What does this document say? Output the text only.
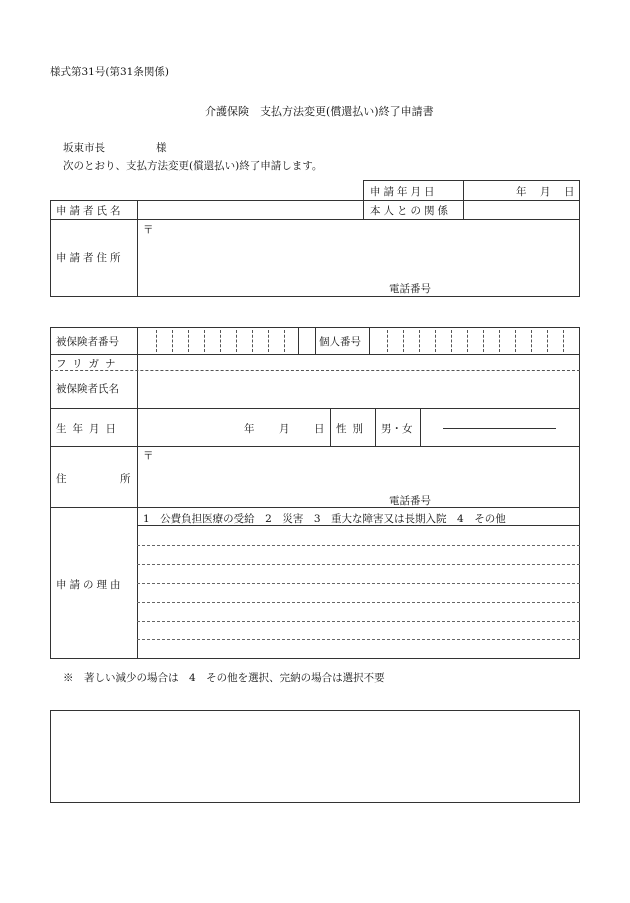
様式第31号(第31条関係)
介護保険　支払方法変更(償還払い)終了申請書
坂東市長	様
次のとおり、支払方法変更(償還払い)終了申請します。
申請年月日	年 月 日
申請者氏名	本人との関係
申請者住所
〒
電話番号
被保険者番号	個人番号
フリガナ
被保険者氏名
生年月日	年 月 日 性別 男・女
住	所
〒
電話番号
申請の理由
1　公費負担医療の受給　2　災害　3　重大な障害又は長期入院　4　その他
※　著しい減少の場合は　4　その他を選択、完納の場合は選択不要
